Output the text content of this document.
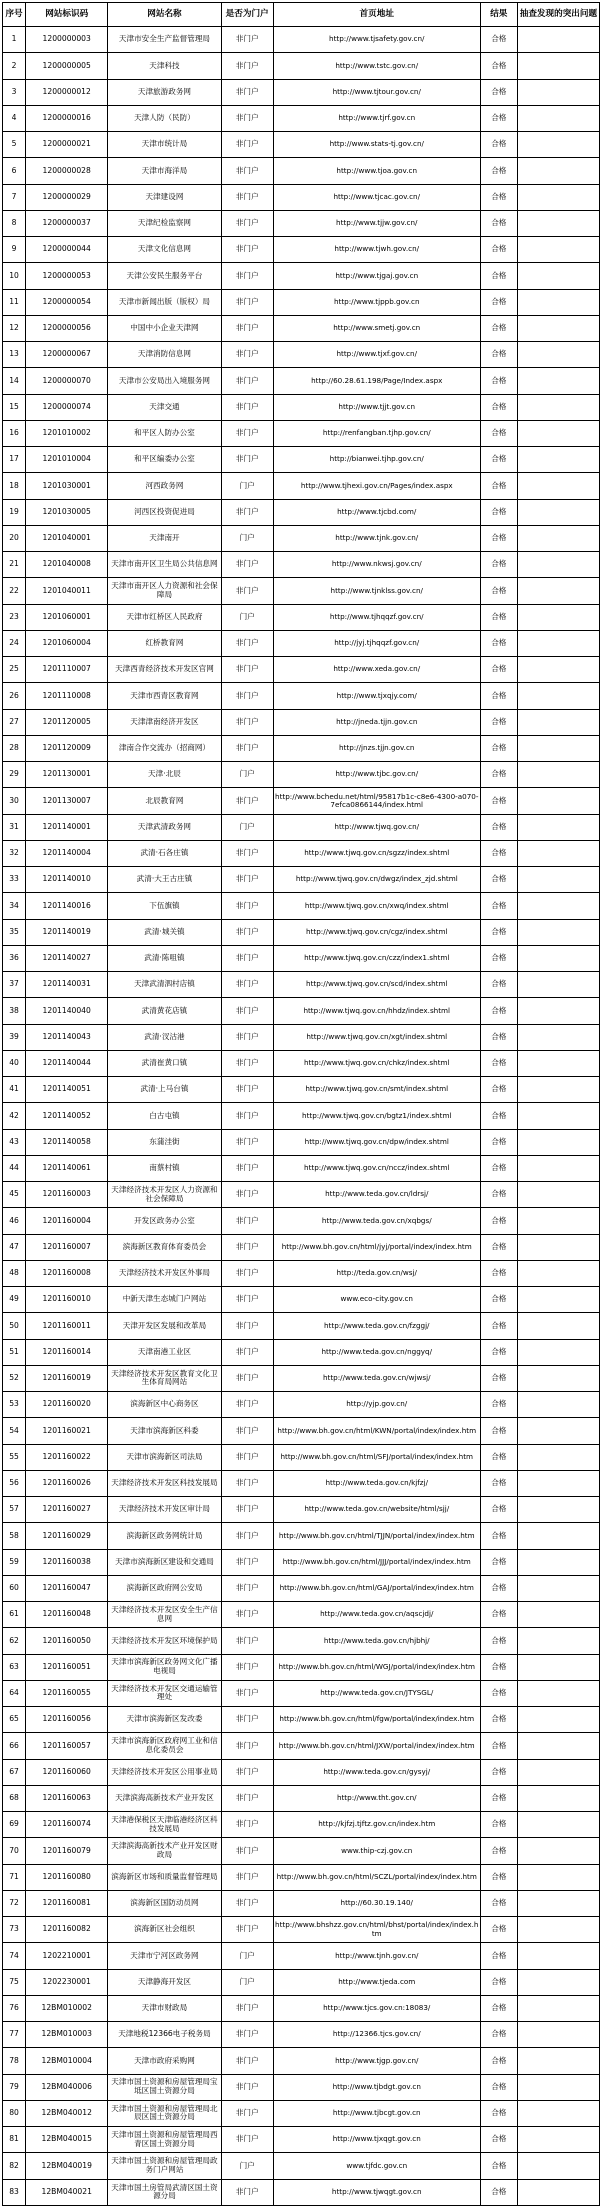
序号	网站标识码	网站名称	是否为门户	首页地址	结果	抽查发现的突出问题
1	1200000003	天津市安全生产监督管理局	非门户	http://www.tjsafety.gov.cn/	合格	
2	1200000005	天津科技	非门户	http://www.tstc.gov.cn/	合格	
3	1200000012	天津旅游政务网	非门户	http://www.tjtour.gov.cn/	合格	
4	1200000016	天津人防（民防）	非门户	http://www.tjrf.gov.cn	合格	
5	1200000021	天津市统计局	非门户	http://www.stats-tj.gov.cn/	合格	
6	1200000028	天津市海洋局	非门户	http://www.tjoa.gov.cn	合格	
7	1200000029	天津建设网	非门户	http://www.tjcac.gov.cn/	合格	
8	1200000037	天津纪检监察网	非门户	http://www.tjjw.gov.cn/	合格	
9	1200000044	天津文化信息网	非门户	http://www.tjwh.gov.cn/	合格	
10	1200000053	天津公安民生服务平台	非门户	http://www.tjgaj.gov.cn	合格	
11	1200000054	天津市新闻出版（版权）局	非门户	http://www.tjppb.gov.cn	合格	
12	1200000056	中国中小企业天津网	非门户	http://www.smetj.gov.cn	合格	
13	1200000067	天津消防信息网	非门户	http://www.tjxf.gov.cn/	合格	
14	1200000070	天津市公安局出入境服务网	非门户	http://60.28.61.198/Page/Index.aspx	合格	
15	1200000074	天津交通	非门户	http://www.tjjt.gov.cn	合格	
16	1201010002	和平区人防办公室	非门户	http://renfangban.tjhp.gov.cn/	合格	
17	1201010004	和平区编委办公室	非门户	http://bianwei.tjhp.gov.cn/	合格	
18	1201030001	河西政务网	门户	http://www.tjhexi.gov.cn/Pages/index.aspx	合格	
19	1201030005	河西区投资促进局	非门户	http://www.tjcbd.com/	合格	
20	1201040001	天津南开	门户	http://www.tjnk.gov.cn/	合格	
21	1201040008	天津市南开区卫生局公共信息网	非门户	http://www.nkwsj.gov.cn/	合格	
22	1201040011	天津市南开区人力资源和社会保障局	非门户	http://www.tjnklss.gov.cn/	合格	
23	1201060001	天津市红桥区人民政府	门户	http://www.tjhqqzf.gov.cn/	合格	
24	1201060004	红桥教育网	非门户	http://jyj.tjhqqzf.gov.cn/	合格	
25	1201110007	天津西青经济技术开发区官网	非门户	http://www.xeda.gov.cn/	合格	
26	1201110008	天津市西青区教育网	非门户	http://www.tjxqjy.com/	合格	
27	1201120005	天津津南经济开发区	非门户	http://jneda.tjjn.gov.cn	合格	
28	1201120009	津南合作交流办（招商网）	非门户	http://jnzs.tjjn.gov.cn	合格	
29	1201130001	天津·北辰	门户	http://www.tjbc.gov.cn/	合格	
30	1201130007	北辰教育网	非门户	http://www.bchedu.net/html/95817b1c-c8e6-4300-a070-7efca0866144/index.html	合格	
31	1201140001	天津武清政务网	门户	http://www.tjwq.gov.cn/	合格	
32	1201140004	武清·石各庄镇	非门户	http://www.tjwq.gov.cn/sgzz/index.shtml	合格	
33	1201140010	武清·大王古庄镇	非门户	http://www.tjwq.gov.cn/dwgz/index_zjd.shtml	合格	
34	1201140016	下伍旗镇	非门户	http://www.tjwq.gov.cn/xwq/index.shtml	合格	
35	1201140019	武清·城关镇	非门户	http://www.tjwq.gov.cn/cgz/index.shtml	合格	
36	1201140027	武清·陈咀镇	非门户	http://www.tjwq.gov.cn/czz/index1.shtml	合格	
37	1201140031	天津武清泗村店镇	非门户	http://www.tjwq.gov.cn/scd/index.shtml	合格	
38	1201140040	武清黄花店镇	非门户	http://www.tjwq.gov.cn/hhdz/index.shtml	合格	
39	1201140043	武清·汊沽港	非门户	http://www.tjwq.gov.cn/xgt/index.shtml	合格	
40	1201140044	武清崔黄口镇	非门户	http://www.tjwq.gov.cn/chkz/index.shtml	合格	
41	1201140051	武清·上马台镇	非门户	http://www.tjwq.gov.cn/smt/index.shtml	合格	
42	1201140052	白古屯镇	非门户	http://www.tjwq.gov.cn/bgtz1/index.shtml	合格	
43	1201140058	东蒲洼街	非门户	http://www.tjwq.gov.cn/dpw/index.shtml	合格	
44	1201140061	南蔡村镇	非门户	http://www.tjwq.gov.cn/nccz/index.shtml	合格	
45	1201160003	天津经济技术开发区人力资源和社会保障局	非门户	http://www.teda.gov.cn/ldrsj/	合格	
46	1201160004	开发区政务办公室	非门户	http://www.teda.gov.cn/xqbgs/	合格	
47	1201160007	滨海新区教育体育委员会	非门户	http://www.bh.gov.cn/html/jyj/portal/index/index.htm	合格	
48	1201160008	天津经济技术开发区外事局	非门户	http://teda.gov.cn/wsj/	合格	
49	1201160010	中新天津生态城门户网站	非门户	www.eco-city.gov.cn	合格	
50	1201160011	天津开发区发展和改革局	非门户	http://www.teda.gov.cn/fzggj/	合格	
51	1201160014	天津南港工业区	非门户	http://www.teda.gov.cn/nggyq/	合格	
52	1201160019	天津经济技术开发区教育文化卫生体育局网站	非门户	http://www.teda.gov.cn/wjwsj/	合格	
53	1201160020	滨海新区中心商务区	非门户	http://yjp.gov.cn/	合格	
54	1201160021	天津市滨海新区科委	非门户	http://www.bh.gov.cn/html/KWN/portal/index/index.htm	合格	
55	1201160022	天津市滨海新区司法局	非门户	http://www.bh.gov.cn/html/SFJ/portal/index/index.htm	合格	
56	1201160026	天津经济技术开发区科技发展局	非门户	http://www.teda.gov.cn/kjfzj/	合格	
57	1201160027	天津经济技术开发区审计局	非门户	http://www.teda.gov.cn/website/html/sjj/	合格	
58	1201160029	滨海新区政务网统计局	非门户	http://www.bh.gov.cn/html/TJJN/portal/index/index.htm	合格	
59	1201160038	天津市滨海新区建设和交通局	非门户	http://www.bh.gov.cn/html/JJJ/portal/index/index.htm	合格	
60	1201160047	滨海新区政府网公安局	非门户	http://www.bh.gov.cn/html/GAJ/portal/index/index.htm	合格	
61	1201160048	天津经济技术开发区安全生产信息网	非门户	http://www.teda.gov.cn/aqscjdj/	合格	
62	1201160050	天津经济技术开发区环境保护局	非门户	http://www.teda.gov.cn/hjbhj/	合格	
63	1201160051	天津市滨海新区政务网文化广播电视局	非门户	http://www.bh.gov.cn/html/WGJ/portal/index/index.htm	合格	
64	1201160055	天津经济技术开发区交通运输管理处	非门户	http://www.teda.gov.cn/JTYSGL/	合格	
65	1201160056	天津市滨海新区发改委	非门户	http://www.bh.gov.cn/html/fgw/portal/index/index.htm	合格	
66	1201160057	天津市滨海新区政府网工业和信息化委员会	非门户	http://www.bh.gov.cn/html/JXW/portal/index/index.htm	合格	
67	1201160060	天津经济技术开发区公用事业局	非门户	http://www.teda.gov.cn/gysyj/	合格	
68	1201160063	天津滨海高新技术产业开发区	非门户	http://www.tht.gov.cn/	合格	
69	1201160074	天津港保税区天津临港经济区科技发展局	非门户	http://kjfzj.tjftz.gov.cn/index.htm	合格	
70	1201160079	天津滨海高新技术产业开发区财政局	非门户	www.thip-czj.gov.cn	合格	
71	1201160080	滨海新区市场和质量监督管理局	非门户	http://www.bh.gov.cn/html/SCZL/portal/index/index.htm	合格	
72	1201160081	滨海新区国防动员网	非门户	http://60.30.19.140/	合格	
73	1201160082	滨海新区社会组织	非门户	http://www.bhshzz.gov.cn/html/bhst/portal/index/index.htm	合格	
74	1202210001	天津市宁河区政务网	门户	http://www.tjnh.gov.cn/	合格	
75	1202230001	天津静海开发区	门户	http://www.tjeda.com	合格	
76	12BM010002	天津市财政局	非门户	http://www.tjcs.gov.cn:18083/	合格	
77	12BM010003	天津地税12366电子税务局	非门户	http://12366.tjcs.gov.cn/	合格	
78	12BM010004	天津市政府采购网	非门户	http://www.tjgp.gov.cn/	合格	
79	12BM040006	天津市国土资源和房屋管理局宝坻区国土资源分局	非门户	http://www.tjbdgt.gov.cn	合格	
80	12BM040012	天津市国土资源和房屋管理局北辰区国土资源分局	非门户	http://www.tjbcgt.gov.cn	合格	
81	12BM040015	天津市国土资源和房屋管理局西青区国土资源分局	非门户	http://www.tjxqgt.gov.cn	合格	
82	12BM040019	天津市国土资源和房屋管理局政务门户网站	门户	www.tjfdc.gov.cn	合格	
83	12BM040021	天津市国土房管局武清区国土资源分局	非门户	http://www.tjwqgt.gov.cn	合格	
